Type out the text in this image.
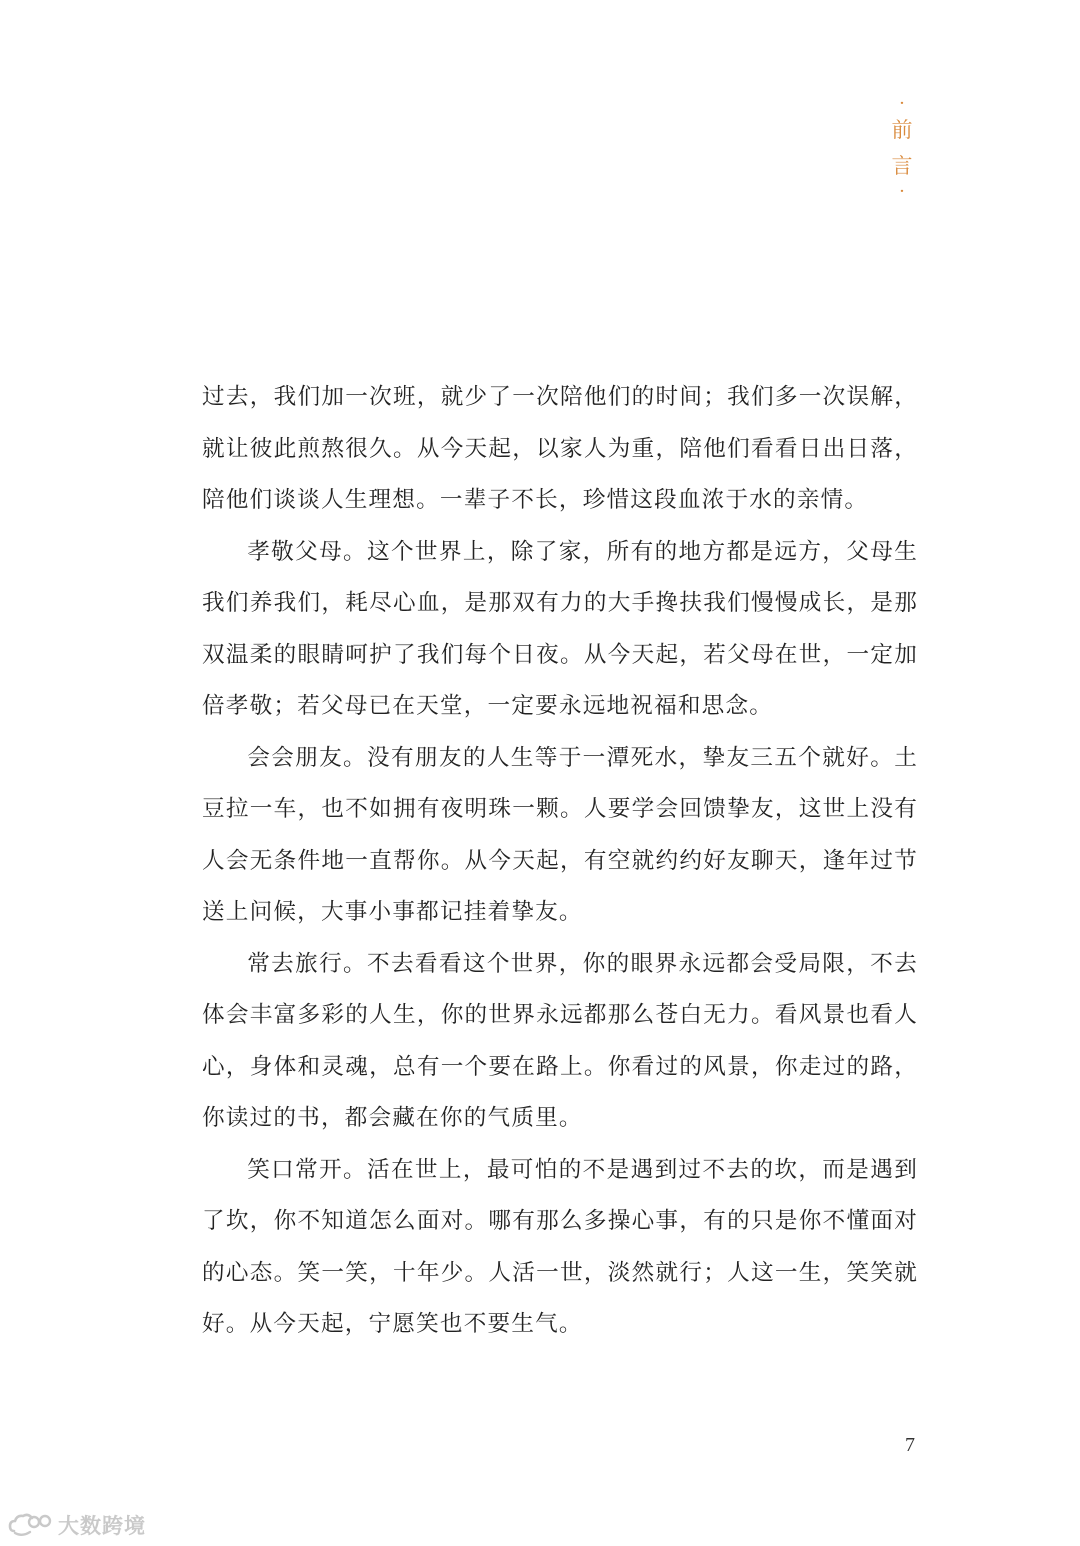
·
前
言
·

过去，我们加一次班，就少了一次陪他们的时间；我们多一次误解，就让彼此煎熬很久。从今天起，以家人为重，陪他们看看日出日落，陪他们谈谈人生理想。一辈子不长，珍惜这段血浓于水的亲情。

孝敬父母。这个世界上，除了家，所有的地方都是远方，父母生我们养我们，耗尽心血，是那双有力的大手搀扶我们慢慢成长，是那双温柔的眼睛呵护了我们每个日夜。从今天起，若父母在世，一定加倍孝敬；若父母已在天堂，一定要永远地祝福和思念。

会会朋友。没有朋友的人生等于一潭死水，挚友三五个就好。土豆拉一车，也不如拥有夜明珠一颗。人要学会回馈挚友，这世上没有人会无条件地一直帮你。从今天起，有空就约约好友聊天，逢年过节送上问候，大事小事都记挂着挚友。

常去旅行。不去看看这个世界，你的眼界永远都会受局限，不去体会丰富多彩的人生，你的世界永远都那么苍白无力。看风景也看人心，身体和灵魂，总有一个要在路上。你看过的风景，你走过的路，你读过的书，都会藏在你的气质里。

笑口常开。活在世上，最可怕的不是遇到过不去的坎，而是遇到了坎，你不知道怎么面对。哪有那么多操心事，有的只是你不懂面对的心态。笑一笑，十年少。人活一世，淡然就行；人这一生，笑笑就好。从今天起，宁愿笑也不要生气。

7
大数跨境
